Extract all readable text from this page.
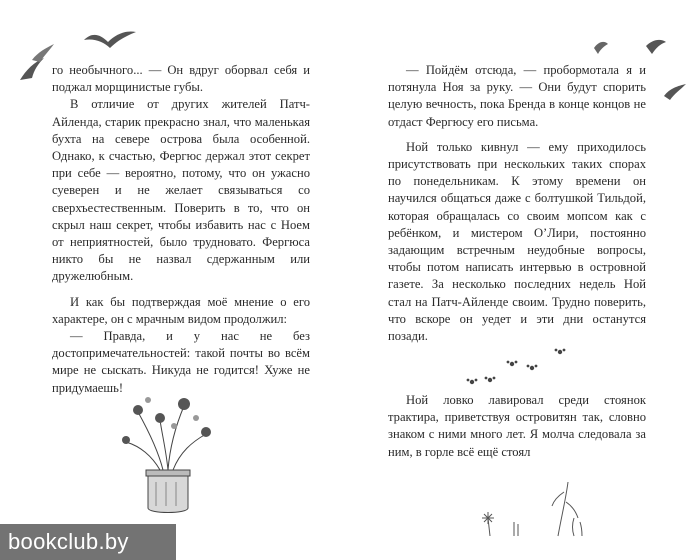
го необычного... — Он вдруг оборвал себя и поджал морщинистые губы.

В отличие от других жителей Патч-Айленда, старик прекрасно знал, что маленькая бухта на севере острова была особенной. Однако, к счастью, Фергюс держал этот секрет при себе — вероятно, потому, что он ужасно суеверен и не желает связываться со сверхъестественным. Поверить в то, что он скрыл наш секрет, чтобы избавить нас с Ноем от неприятностей, было трудновато. Фергюса никто бы не назвал сдержанным или дружелюбным.

И как бы подтверждая моё мнение о его характере, он с мрачным видом продолжил:

— Правда, и у нас не без достопримечательностей: такой почты во всём мире не сыскать. Никуда не годится! Хуже не придумаешь!

bookclub.by

— Пойдём отсюда, — пробормотала я и потянула Ноя за руку. — Они будут спорить целую вечность, пока Бренда в конце концов не отдаст Фергюсу его письма.

Ной только кивнул — ему приходилось присутствовать при нескольких таких спорах по понедельникам. К этому времени он научился общаться даже с болтушкой Тильдой, которая обращалась со своим мопсом как с ребёнком, и мистером О’Лири, постоянно задающим встречным неудобные вопросы, чтобы потом написать интервью в островной газете. За несколько последних недель Ной стал на Патч-Айленде своим. Трудно поверить, что вскоре он уедет и эти дни останутся позади.

Ной ловко лавировал среди стоянок трактира, приветствуя островитян так, словно знаком с ними много лет. Я молча следовала за ним, в горле всё ещё стоял
